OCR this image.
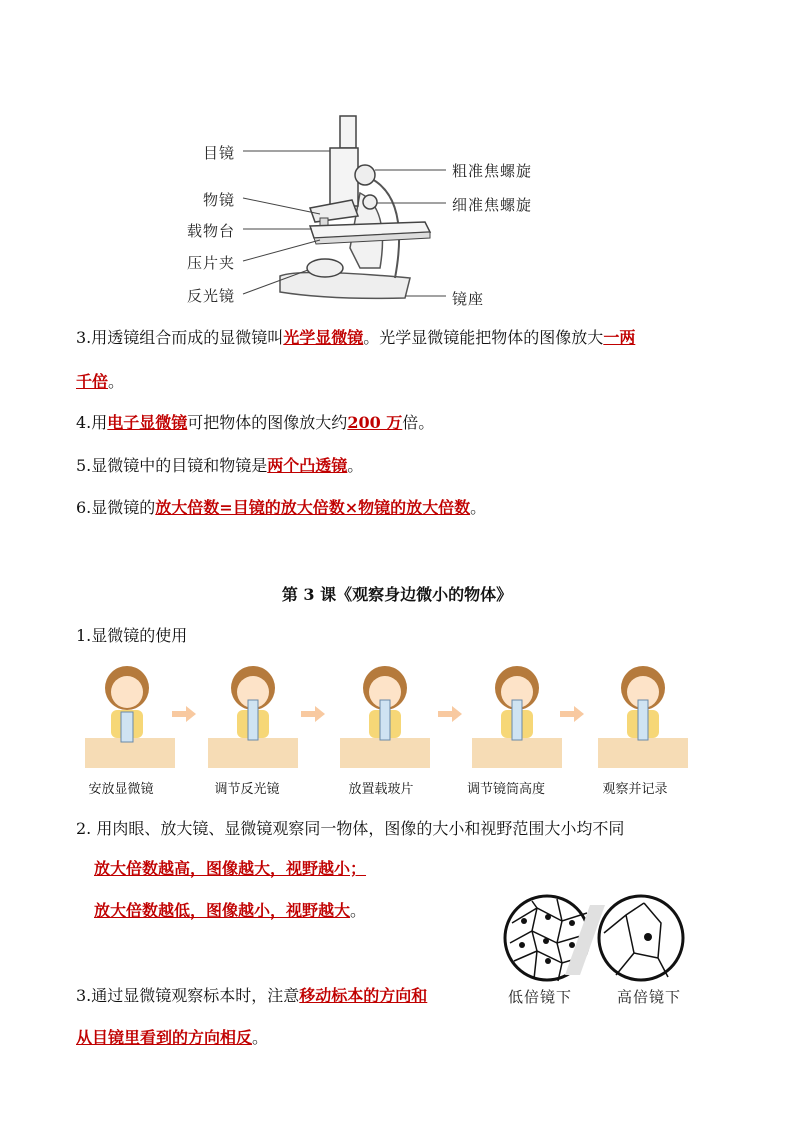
目镜
物镜
载物台
压片夹
反光镜
粗准焦螺旋
细准焦螺旋
镜座
3.用透镜组合而成的显微镜叫光学显微镜。光学显微镜能把物体的图像放大一两
千倍。
4.用电子显微镜可把物体的图像放大约200 万倍。
5.显微镜中的目镜和物镜是两个凸透镜。
6.显微镜的放大倍数=目镜的放大倍数×物镜的放大倍数。
第 3 课《观察身边微小的物体》
1.显微镜的使用
安放显微镜	调节反光镜	放置载玻片	调节镜筒高度	观察并记录
2. 用肉眼、放大镜、显微镜观察同一物体，图像的大小和视野范围大小均不同
放大倍数越高，图像越大，视野越小；
放大倍数越低，图像越小，视野越大。
低倍镜下	高倍镜下
3.通过显微镜观察标本时，注意移动标本的方向和
从目镜里看到的方向相反。
